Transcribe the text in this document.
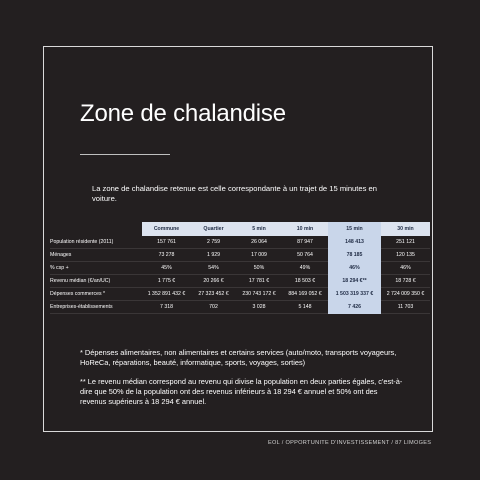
Zone de chalandise
La zone de chalandise retenue est celle correspondante à un trajet de 15 minutes en voiture.
	Commune	Quartier	5 min	10 min	15 min	30 min
Population résidente (2011)	157 761	2 759	26 064	87 947	148 413	251 121
Ménages	73 278	1 929	17 009	50 764	78 185	120 135
% csp +	45%	54%	50%	49%	46%	46%
Revenu médian (€/an/UC)	1 775 €	20 266 €	17 781 €	18 503 €	18 294 €**	18 728 €
Dépenses commerces *	1 352 891 432 €	27 323 452 €	230 743 172 €	884 169 052 €	1 503 319 337 €	2 724 009 350 €
Entreprises-établissements	7 318	702	3 028	5 148	7 426	11 703

* Dépenses alimentaires, non alimentaires et certains services (auto/moto, transports voyageurs, HoReCa, réparations, beauté, informatique, sports, voyages, sorties)

** Le revenu médian correspond au revenu qui divise la population en deux parties égales, c'est-à-dire que 50% de la population ont des revenus inférieurs à 18 294 € annuel et 50% ont des revenus supérieurs à 18 294 € annuel.

EOL / OPPORTUNITE D'INVESTISSEMENT / 87 LIMOGES
